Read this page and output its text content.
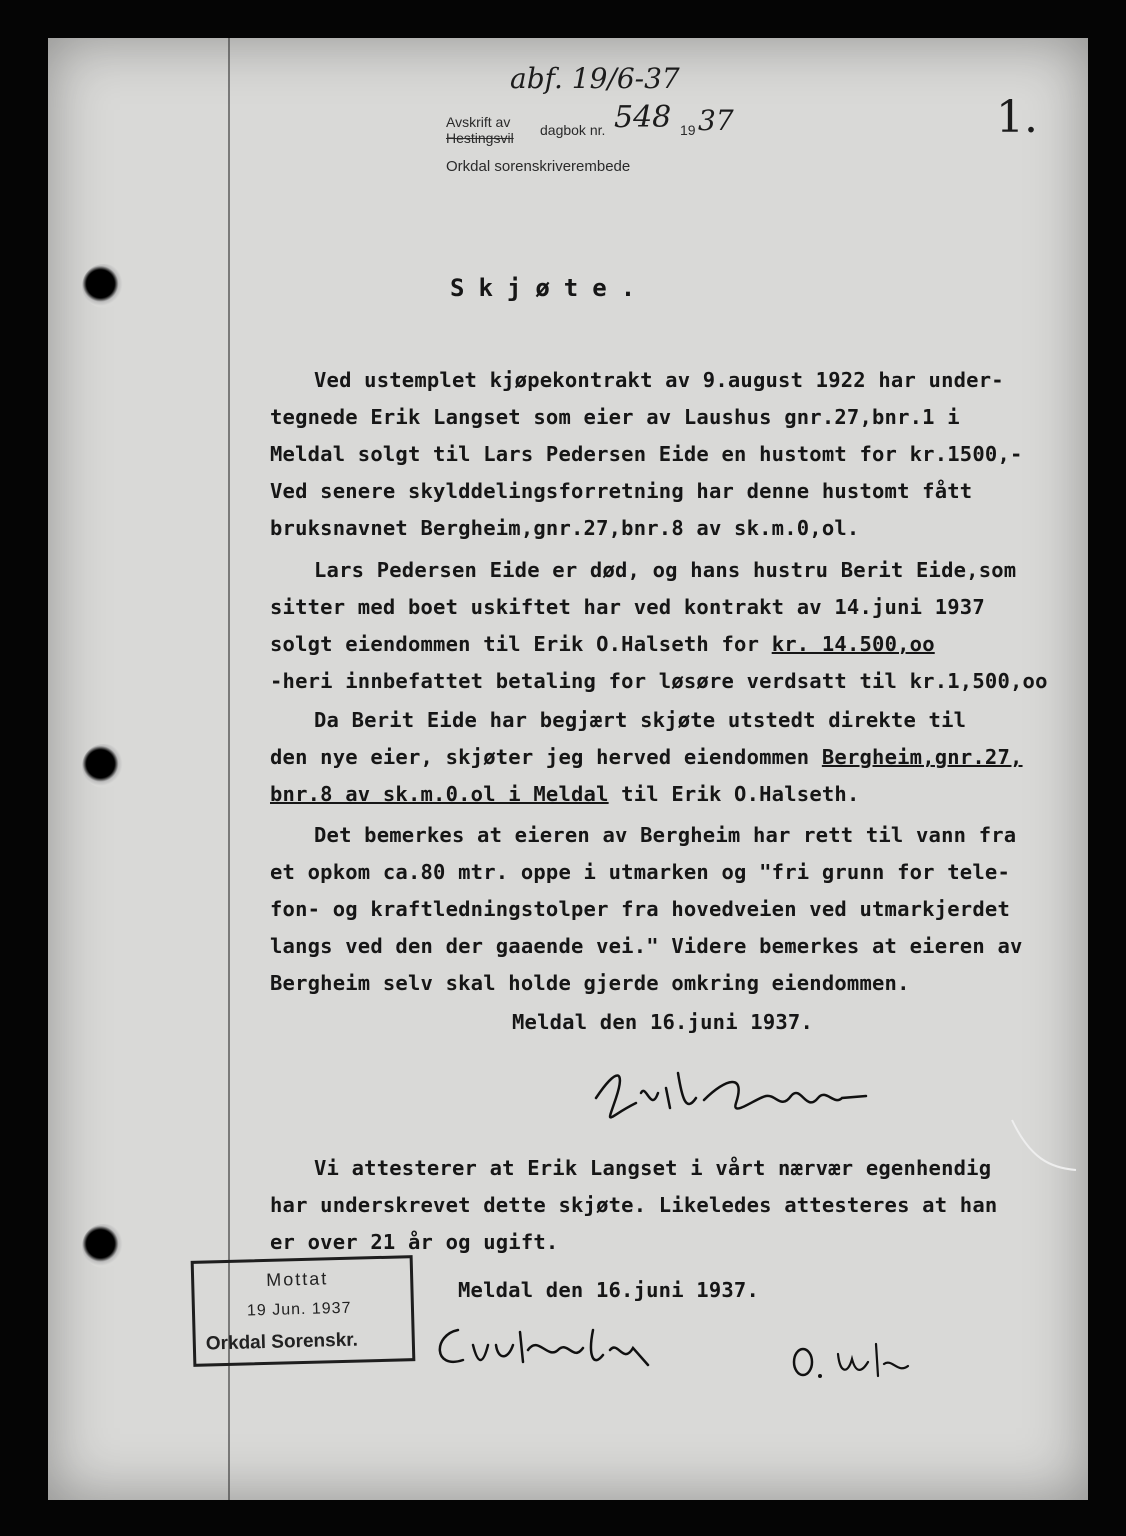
abf. 19/6-37
1.
Avskrift av
Hestingsvil dagbok nr. 548 19 37
Orkdal sorenskriverembede
Skjøte.
Ved ustemplet kjøpekontrakt av 9.august 1922 har under-
tegnede Erik Langset som eier av Laushus gnr.27,bnr.1 i
Meldal solgt til Lars Pedersen Eide en hustomt for kr.1500,-
Ved senere skylddelingsforretning har denne hustomt fått
bruksnavnet Bergheim,gnr.27,bnr.8 av sk.m.0,ol.
Lars Pedersen Eide er død, og hans hustru Berit Eide,som
sitter med boet uskiftet har ved kontrakt av 14.juni 1937
solgt eiendommen til Erik O.Halseth for kr. 14.500,oo
-heri innbefattet betaling for løsøre verdsatt til kr.1,500,oo
Da Berit Eide har begjært skjøte utstedt direkte til
den nye eier, skjøter jeg herved eiendommen Bergheim,gnr.27,
bnr.8 av sk.m.0.ol i Meldal til Erik O.Halseth.
Det bemerkes at eieren av Bergheim har rett til vann fra
et opkom ca.80 mtr. oppe i utmarken og "fri grunn for tele-
fon- og kraftledningstolper fra hovedveien ved utmarkjerdet
langs ved den der gaaende vei." Videre bemerkes at eieren av
Bergheim selv skal holde gjerde omkring eiendommen.
Meldal den 16.juni 1937.
Vi attesterer at Erik Langset i vårt nærvær egenhendig
har underskrevet dette skjøte. Likeledes attesteres at han
er over 21 år og ugift.
Meldal den 16.juni 1937.
Mottat
19 Jun. 1937
Orkdal Sorenskr.
